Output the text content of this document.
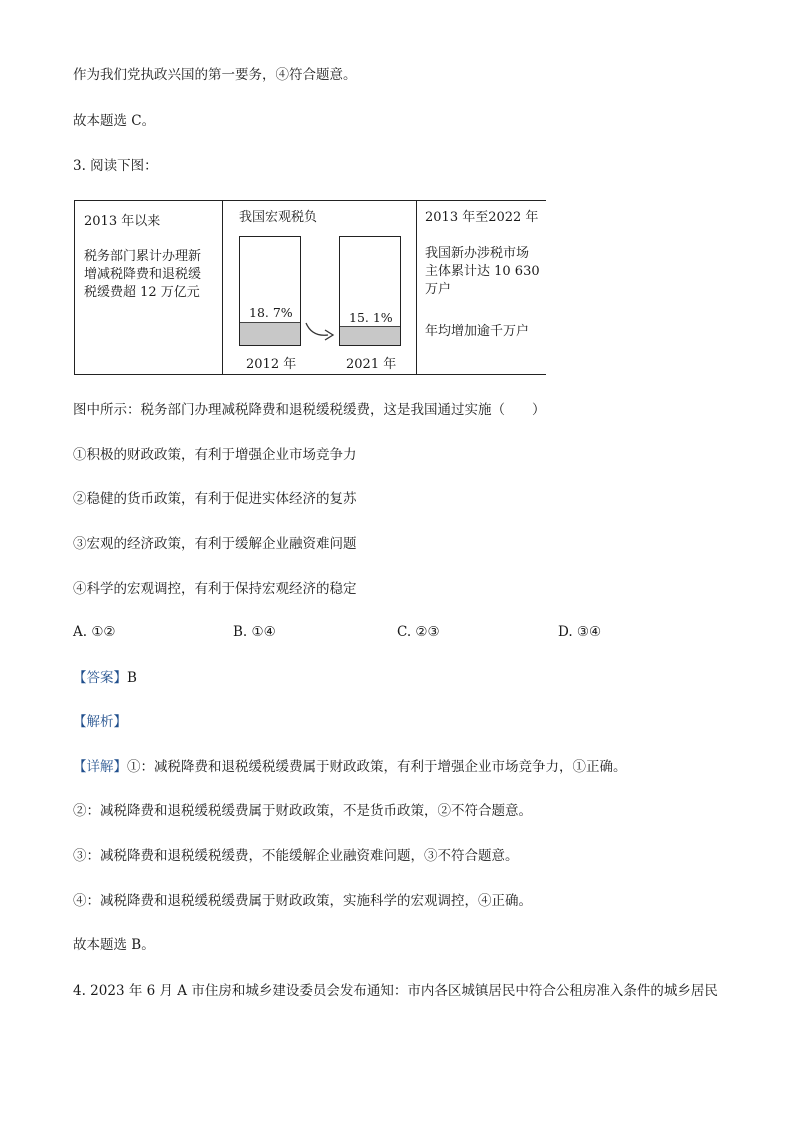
作为我们党执政兴国的第一要务，④符合题意。
故本题选 C。
3. 阅读下图：
2013 年以来
税务部门累计办理新
增减税降费和退税缓
税缓费超 12 万亿元
我国宏观税负
18. 7%
2012 年
15. 1%
2021 年
2013 年至2022 年
我国新办涉税市场
主体累计达 10 630
万户
年均增加逾千万户
图中所示：税务部门办理减税降费和退税缓税缓费，这是我国通过实施（　　）
①积极的财政政策，有利于增强企业市场竞争力
②稳健的货币政策，有利于促进实体经济的复苏
③宏观的经济政策，有利于缓解企业融资难问题
④科学的宏观调控，有利于保持宏观经济的稳定
A. ①②	B. ①④	C. ②③	D. ③④
【答案】B
【解析】
【详解】①：减税降费和退税缓税缓费属于财政政策，有利于增强企业市场竞争力，①正确。
②：减税降费和退税缓税缓费属于财政政策，不是货币政策，②不符合题意。
③：减税降费和退税缓税缓费，不能缓解企业融资难问题，③不符合题意。
④：减税降费和退税缓税缓费属于财政政策，实施科学的宏观调控，④正确。
故本题选 B。
4. 2023 年 6 月 A 市住房和城乡建设委员会发布通知：市内各区城镇居民中符合公租房准入条件的城乡居民
